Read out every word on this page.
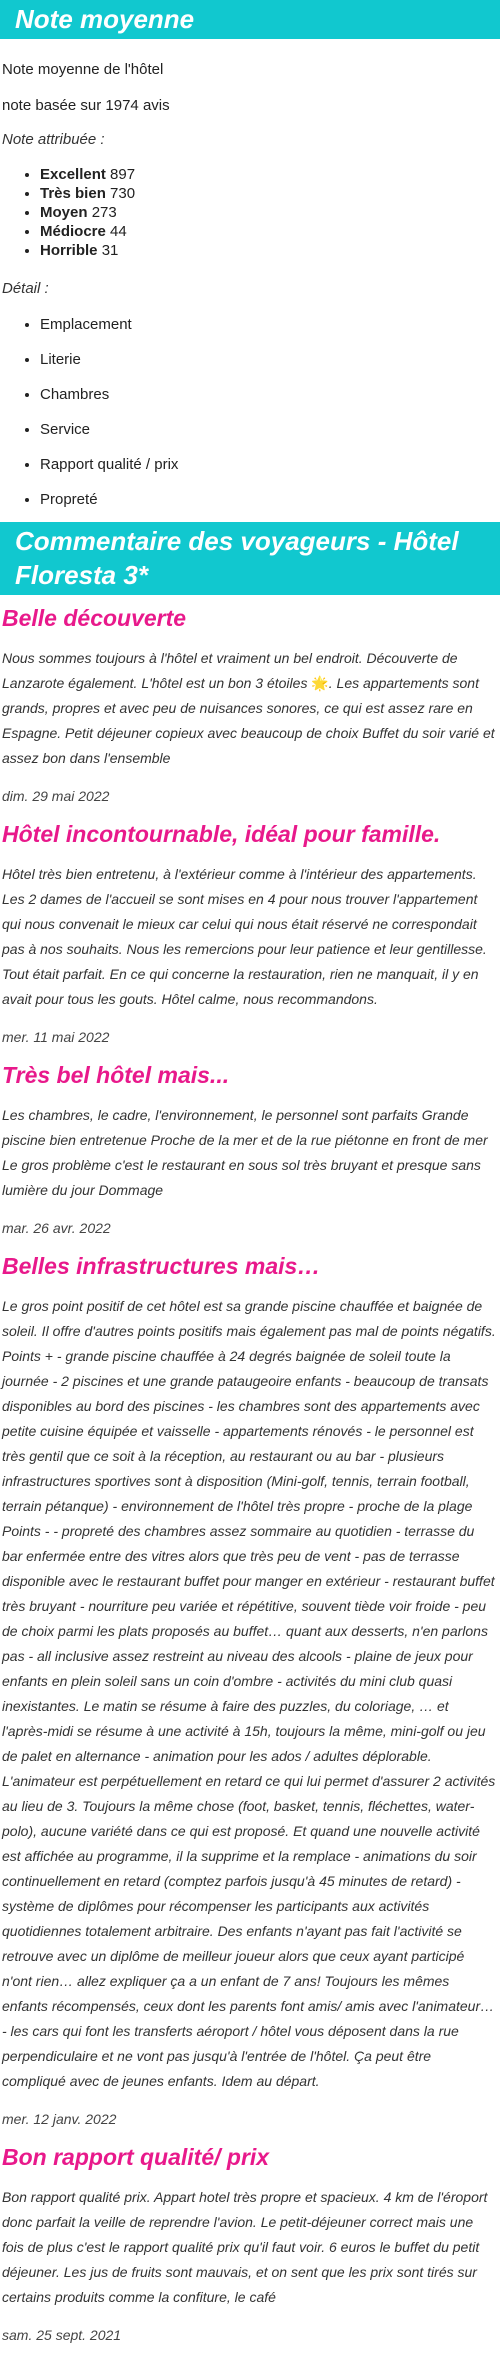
Note moyenne

Note moyenne de l'hôtel

note basée sur 1974 avis

Note attribuée :

• Excellent 897
• Très bien 730
• Moyen 273
• Médiocre 44
• Horrible 31

Détail :

• Emplacement
• Literie
• Chambres
• Service
• Rapport qualité / prix
• Propreté
Commentaire des voyageurs - Hôtel Floresta 3*
Belle découverte

Nous sommes toujours à l'hôtel et vraiment un bel endroit. Découverte de Lanzarote également. L'hôtel est un bon 3 étoiles 🌟. Les appartements sont grands, propres et avec peu de nuisances sonores, ce qui est assez rare en Espagne. Petit déjeuner copieux avec beaucoup de choix Buffet du soir varié et assez bon dans l'ensemble

dim. 29 mai 2022

Hôtel incontournable, idéal pour famille.

Hôtel très bien entretenu, à l'extérieur comme à l'intérieur des appartements. Les 2 dames de l'accueil se sont mises en 4 pour nous trouver l'appartement qui nous convenait le mieux car celui qui nous était réservé ne correspondait pas à nos souhaits. Nous les remercions pour leur patience et leur gentillesse. Tout était parfait. En ce qui concerne la restauration, rien ne manquait, il y en avait pour tous les gouts. Hôtel calme, nous recommandons.

mer. 11 mai 2022

Très bel hôtel mais...

Les chambres, le cadre, l'environnement, le personnel sont parfaits Grande piscine bien entretenue Proche de la mer et de la rue piétonne en front de mer Le gros problème c'est le restaurant en sous sol très bruyant et presque sans lumière du jour Dommage

mar. 26 avr. 2022

Belles infrastructures mais…

Le gros point positif de cet hôtel est sa grande piscine chauffée et baignée de soleil. Il offre d'autres points positifs mais également pas mal de points négatifs. Points + - grande piscine chauffée à 24 degrés baignée de soleil toute la journée - 2 piscines et une grande pataugeoire enfants - beaucoup de transats disponibles au bord des piscines - les chambres sont des appartements avec petite cuisine équipée et vaisselle - appartements rénovés - le personnel est très gentil que ce soit à la réception, au restaurant ou au bar - plusieurs infrastructures sportives sont à disposition (Mini-golf, tennis, terrain football, terrain pétanque) - environnement de l'hôtel très propre - proche de la plage Points - - propreté des chambres assez sommaire au quotidien - terrasse du bar enfermée entre des vitres alors que très peu de vent - pas de terrasse disponible avec le restaurant buffet pour manger en extérieur - restaurant buffet très bruyant - nourriture peu variée et répétitive, souvent tiède voir froide - peu de choix parmi les plats proposés au buffet… quant aux desserts, n'en parlons pas - all inclusive assez restreint au niveau des alcools - plaine de jeux pour enfants en plein soleil sans un coin d'ombre - activités du mini club quasi inexistantes. Le matin se résume à faire des puzzles, du coloriage, … et l'après-midi se résume à une activité à 15h, toujours la même, mini-golf ou jeu de palet en alternance - animation pour les ados / adultes déplorable. L'animateur est perpétuellement en retard ce qui lui permet d'assurer 2 activités au lieu de 3. Toujours la même chose (foot, basket, tennis, fléchettes, water-polo), aucune variété dans ce qui est proposé. Et quand une nouvelle activité est affichée au programme, il la supprime et la remplace - animations du soir continuellement en retard (comptez parfois jusqu'à 45 minutes de retard) - système de diplômes pour récompenser les participants aux activités quotidiennes totalement arbitraire. Des enfants n'ayant pas fait l'activité se retrouve avec un diplôme de meilleur joueur alors que ceux ayant participé n'ont rien… allez expliquer ça a un enfant de 7 ans! Toujours les mêmes enfants récompensés, ceux dont les parents font amis/ amis avec l'animateur… - les cars qui font les transferts aéroport / hôtel vous déposent dans la rue perpendiculaire et ne vont pas jusqu'à l'entrée de l'hôtel. Ça peut être compliqué avec de jeunes enfants. Idem au départ.

mer. 12 janv. 2022

Bon rapport qualité/ prix

Bon rapport qualité prix. Appart hotel très propre et spacieux. 4 km de l'éroport donc parfait la veille de reprendre l'avion. Le petit-déjeuner correct mais une fois de plus c'est le rapport qualité prix qu'il faut voir. 6 euros le buffet du petit déjeuner. Les jus de fruits sont mauvais, et on sent que les prix sont tirés sur certains produits comme la confiture, le café

sam. 25 sept. 2021
